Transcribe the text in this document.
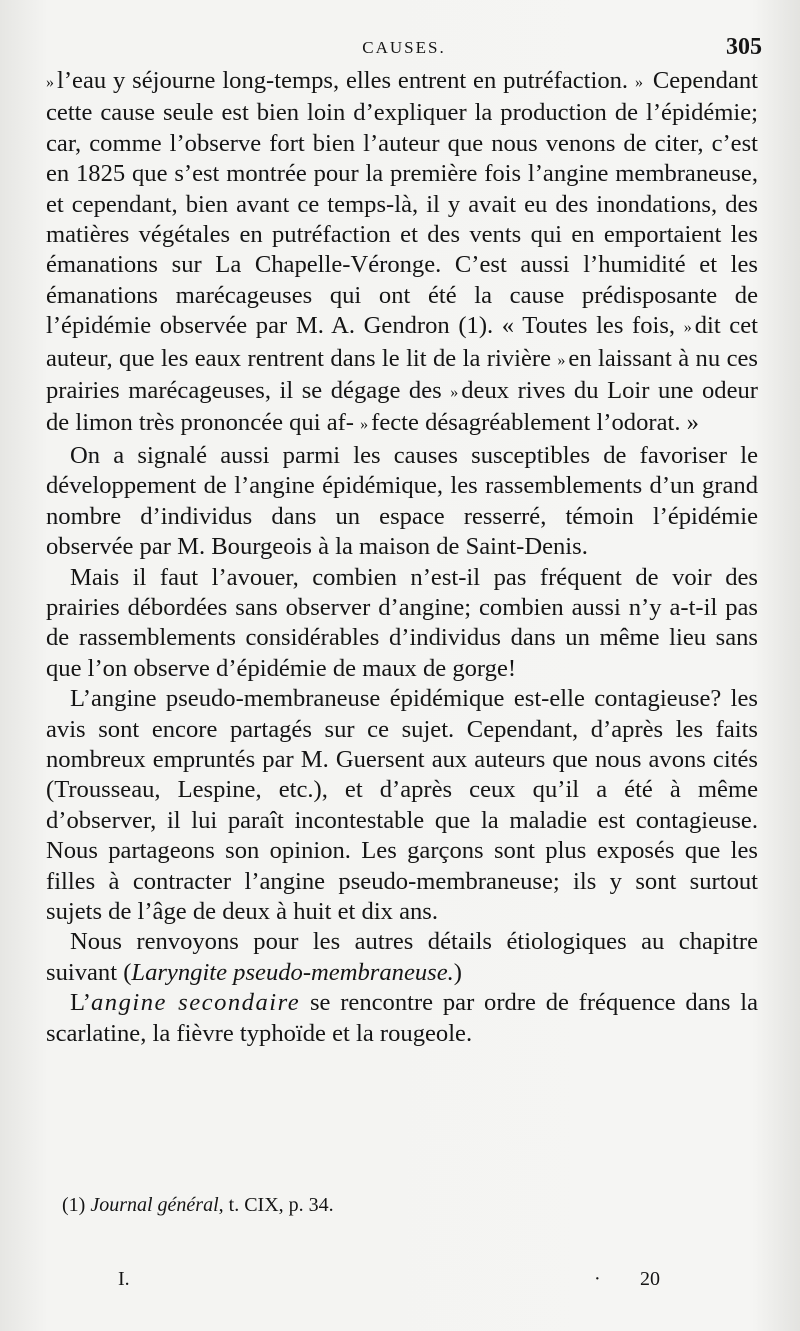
CAUSES.	305

» l’eau y séjourne long-temps, elles entrent en putréfaction. » Cependant cette cause seule est bien loin d’expliquer la production de l’épidémie; car, comme l’observe fort bien l’auteur que nous venons de citer, c’est en 1825 que s’est montrée pour la première fois l’angine membraneuse, et cependant, bien avant ce temps-là, il y avait eu des inondations, des matières végétales en putréfaction et des vents qui en emportaient les émanations sur La Chapelle-Véronge. C’est aussi l’humidité et les émanations marécageuses qui ont été la cause prédisposante de l’épidémie observée par M. A. Gendron (1). « Toutes les fois, » dit cet auteur, que les eaux rentrent dans le lit de la rivière » en laissant à nu ces prairies marécageuses, il se dégage des » deux rives du Loir une odeur de limon très prononcée qui af- » fecte désagréablement l’odorat. »

On a signalé aussi parmi les causes susceptibles de favoriser le développement de l’angine épidémique, les rassemblements d’un grand nombre d’individus dans un espace resserré, témoin l’épidémie observée par M. Bourgeois à la maison de Saint-Denis.

Mais il faut l’avouer, combien n’est-il pas fréquent de voir des prairies débordées sans observer d’angine; combien aussi n’y a-t-il pas de rassemblements considérables d’individus dans un même lieu sans que l’on observe d’épidémie de maux de gorge!

L’angine pseudo-membraneuse épidémique est-elle contagieuse? les avis sont encore partagés sur ce sujet. Cependant, d’après les faits nombreux empruntés par M. Guersent aux auteurs que nous avons cités (Trousseau, Lespine, etc.), et d’après ceux qu’il a été à même d’observer, il lui paraît incontestable que la maladie est contagieuse. Nous partageons son opinion. Les garçons sont plus exposés que les filles à contracter l’angine pseudo-membraneuse; ils y sont surtout sujets de l’âge de deux à huit et dix ans.

Nous renvoyons pour les autres détails étiologiques au chapitre suivant (Laryngite pseudo-membraneuse.)

L’angine secondaire se rencontre par ordre de fréquence dans la scarlatine, la fièvre typhoïde et la rougeole.

(1) Journal général, t. CIX, p. 34.
I.	· 20
